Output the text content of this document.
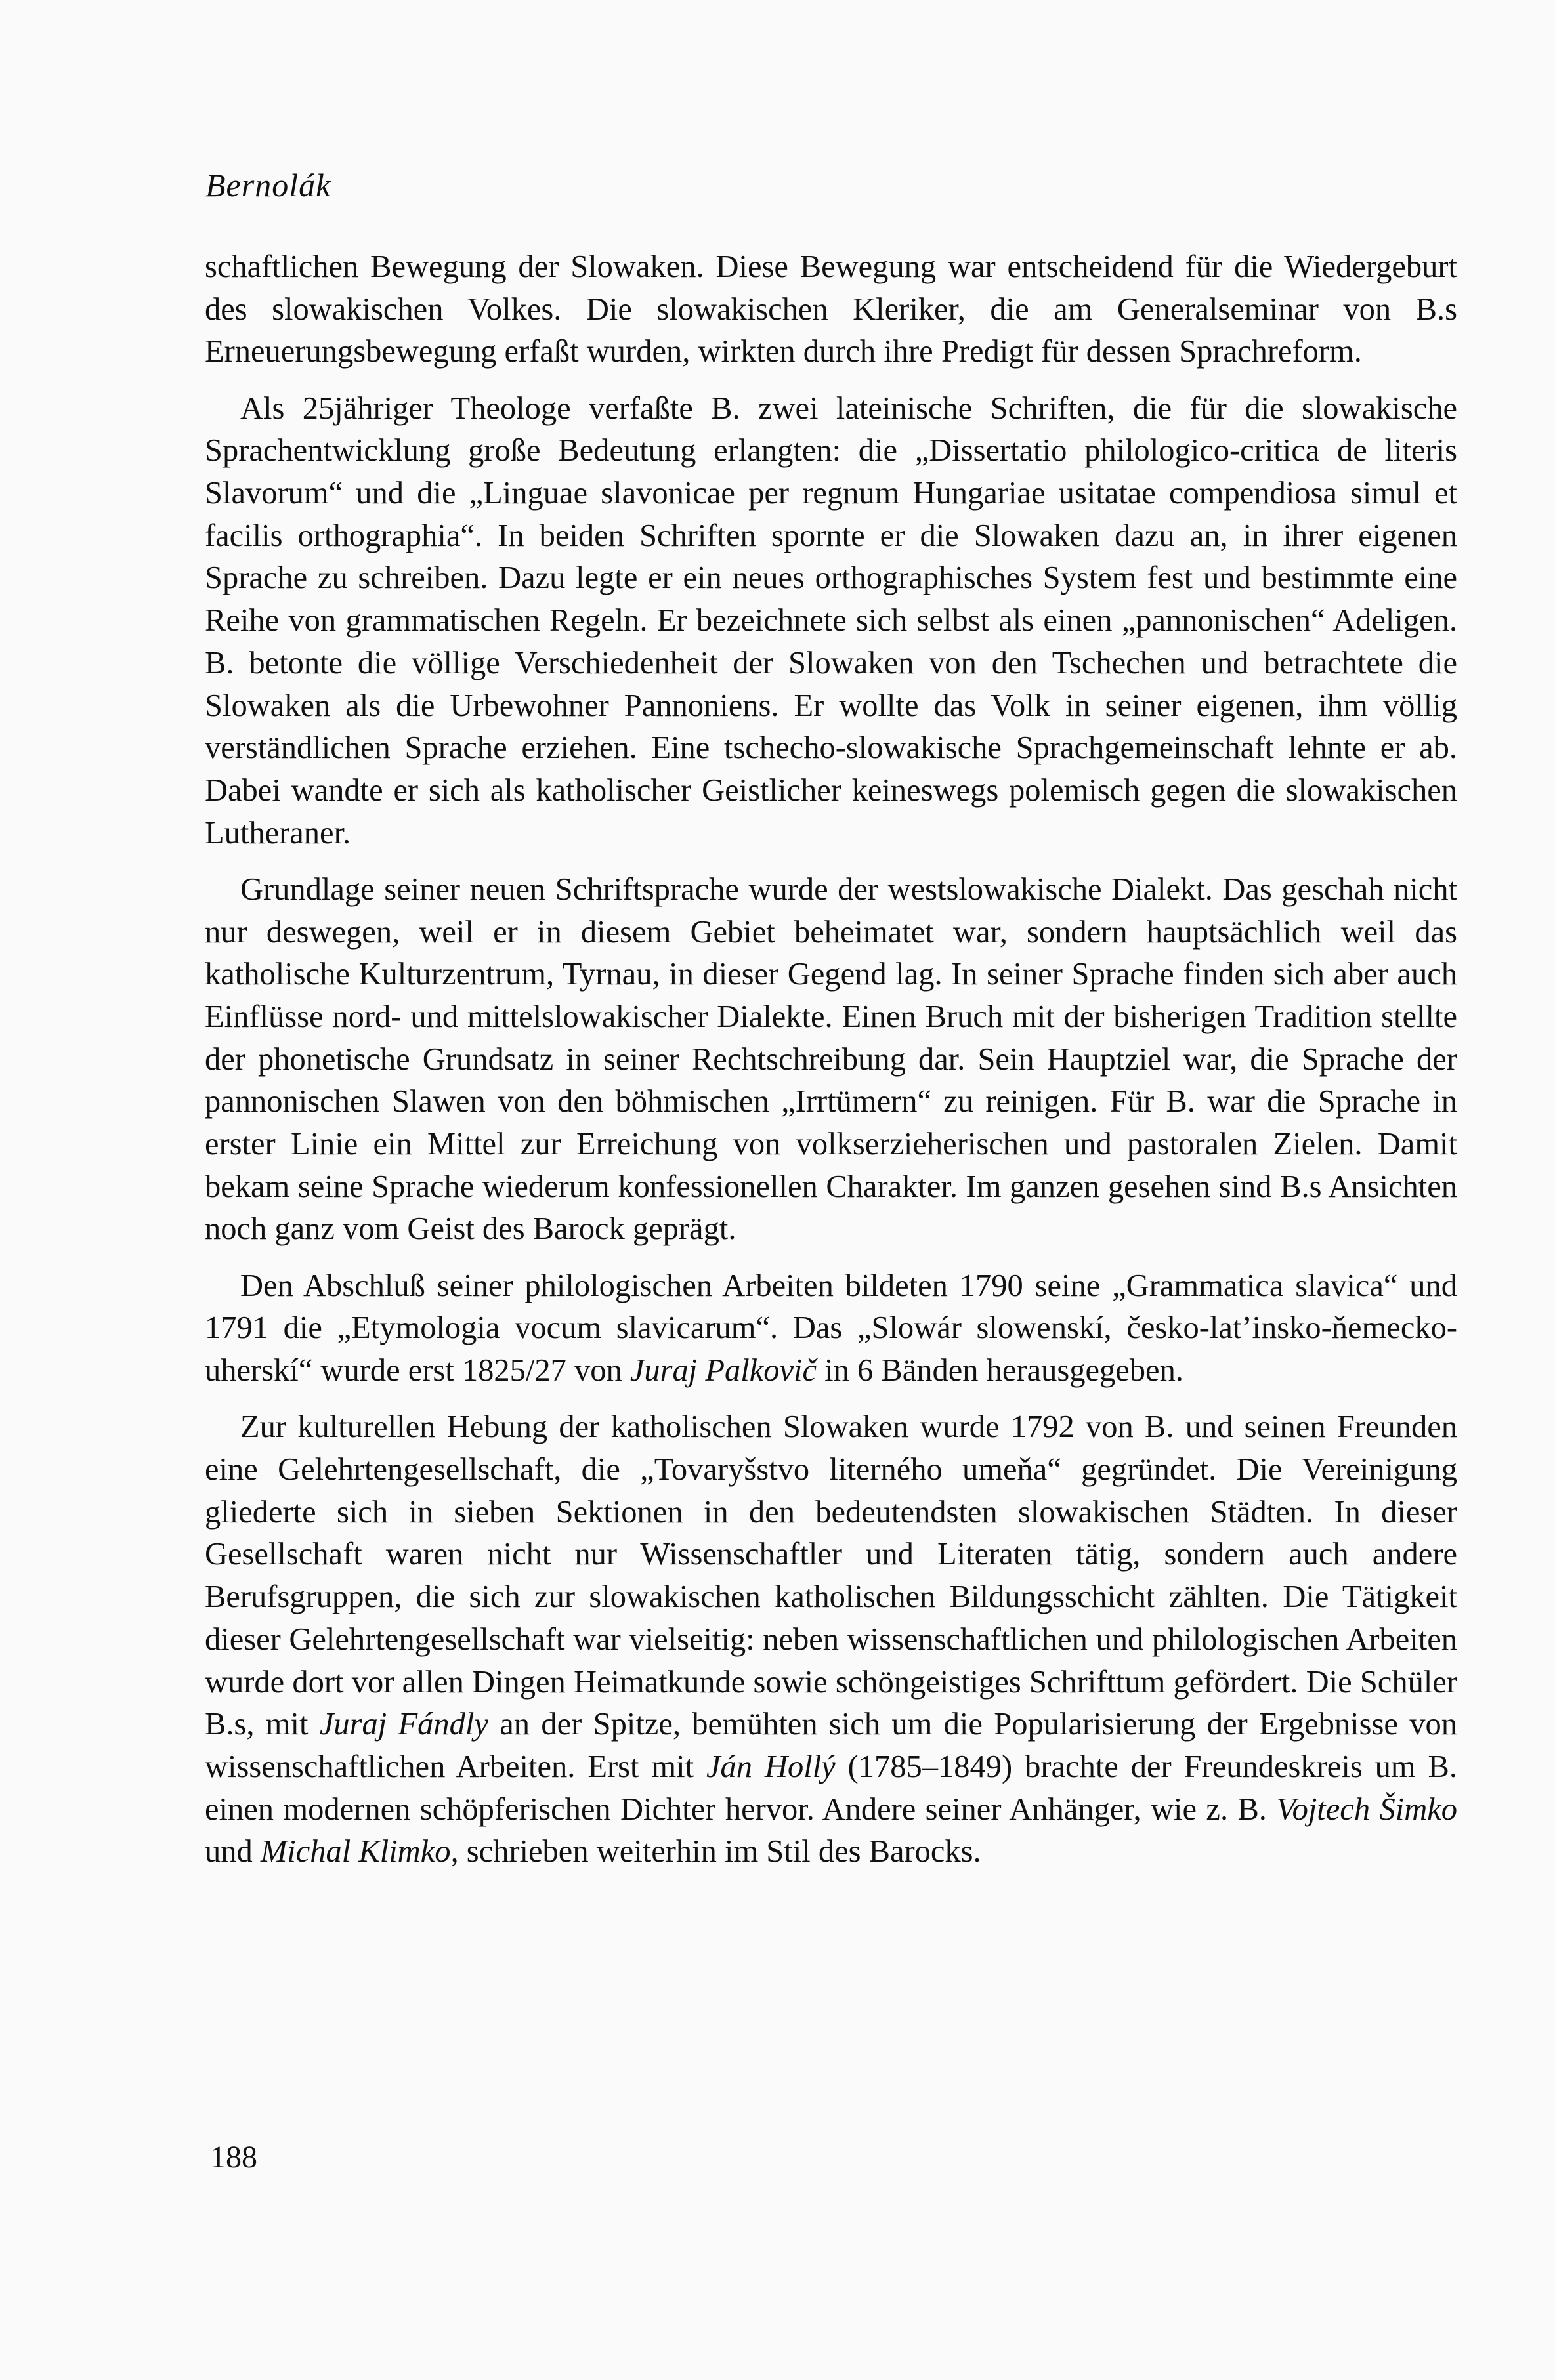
Bernolák

schaftlichen Bewegung der Slowaken. Diese Bewegung war entscheidend für die Wiedergeburt des slowakischen Volkes. Die slowakischen Kleriker, die am Generalseminar von B.s Erneuerungsbewegung erfaßt wurden, wirkten durch ihre Predigt für dessen Sprachreform.

Als 25jähriger Theologe verfaßte B. zwei lateinische Schriften, die für die slowakische Sprachentwicklung große Bedeutung erlangten: die „Dissertatio philologico-critica de literis Slavorum“ und die „Linguae slavonicae per regnum Hungariae usitatae compendiosa simul et facilis orthographia“. In beiden Schriften spornte er die Slowaken dazu an, in ihrer eigenen Sprache zu schreiben. Dazu legte er ein neues orthographisches System fest und bestimmte eine Reihe von grammatischen Regeln. Er bezeichnete sich selbst als einen „pannonischen“ Adeligen. B. betonte die völlige Verschiedenheit der Slowaken von den Tschechen und betrachtete die Slowaken als die Urbewohner Pannoniens. Er wollte das Volk in seiner eigenen, ihm völlig verständlichen Sprache erziehen. Eine tschecho-slowakische Sprachgemeinschaft lehnte er ab. Dabei wandte er sich als katholischer Geistlicher keineswegs polemisch gegen die slowakischen Lutheraner.

Grundlage seiner neuen Schriftsprache wurde der westslowakische Dialekt. Das geschah nicht nur deswegen, weil er in diesem Gebiet beheimatet war, sondern hauptsächlich weil das katholische Kulturzentrum, Tyrnau, in dieser Gegend lag. In seiner Sprache finden sich aber auch Einflüsse nord- und mittelslowakischer Dialekte. Einen Bruch mit der bisherigen Tradition stellte der phonetische Grundsatz in seiner Rechtschreibung dar. Sein Hauptziel war, die Sprache der pannonischen Slawen von den böhmischen „Irrtümern“ zu reinigen. Für B. war die Sprache in erster Linie ein Mittel zur Erreichung von volkserzieherischen und pastoralen Zielen. Damit bekam seine Sprache wiederum konfessionellen Charakter. Im ganzen gesehen sind B.s Ansichten noch ganz vom Geist des Barock geprägt.

Den Abschluß seiner philologischen Arbeiten bildeten 1790 seine „Grammatica slavica“ und 1791 die „Etymologia vocum slavicarum“. Das „Slowár slowenskí, česko-lat’insko-ňemecko-uherskí“ wurde erst 1825/27 von Juraj Palkovič in 6 Bänden herausgegeben.

Zur kulturellen Hebung der katholischen Slowaken wurde 1792 von B. und seinen Freunden eine Gelehrtengesellschaft, die „Tovaryšstvo literného umeňa“ gegründet. Die Vereinigung gliederte sich in sieben Sektionen in den bedeutendsten slowakischen Städten. In dieser Gesellschaft waren nicht nur Wissenschaftler und Literaten tätig, sondern auch andere Berufsgruppen, die sich zur slowakischen katholischen Bildungsschicht zählten. Die Tätigkeit dieser Gelehrtengesellschaft war vielseitig: neben wissenschaftlichen und philologischen Arbeiten wurde dort vor allen Dingen Heimatkunde sowie schöngeistiges Schrifttum gefördert. Die Schüler B.s, mit Juraj Fándly an der Spitze, bemühten sich um die Popularisierung der Ergebnisse von wissenschaftlichen Arbeiten. Erst mit Ján Hollý (1785–1849) brachte der Freundeskreis um B. einen modernen schöpferischen Dichter hervor. Andere seiner Anhänger, wie z. B. Vojtech Šimko und Michal Klimko, schrieben weiterhin im Stil des Barocks.

188
